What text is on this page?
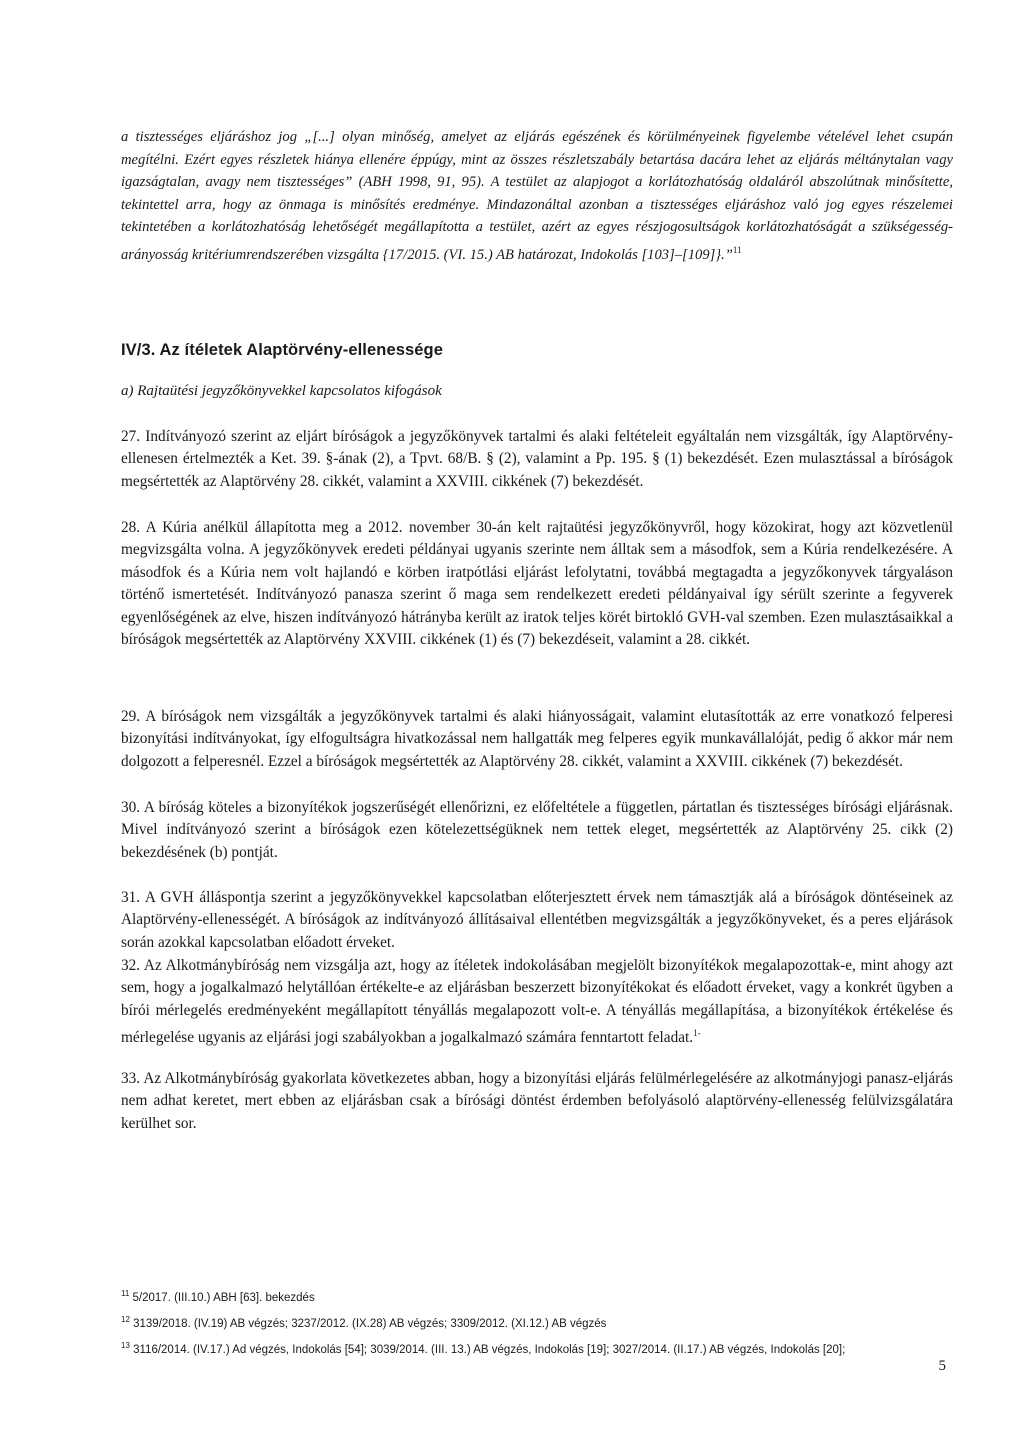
a tisztességes eljáráshoz jog „[...] olyan minőség, amelyet az eljárás egészének és körülményeinek figyelembe vételével lehet csupán megítélni. Ezért egyes részletek hiánya ellenére éppúgy, mint az összes részletszabály betartása dacára lehet az eljárás méltánytalan vagy igazságtalan, avagy nem tisztességes” (ABH 1998, 91, 95). A testület az alapjogot a korlátozhatóság oldaláról abszolútnak minősítette, tekintettel arra, hogy az önmaga is minősítés eredménye. Mindazonáltal azonban a tisztességes eljáráshoz való jog egyes részelemei tekintetében a korlátozhatóság lehetőségét megállapította a testület, azért az egyes részjogosultságok korlátozhatóságát a szükségesség-arányosság kritériumrendszerében vizsgálta {17/2015. (VI. 15.) AB határozat, Indokolás [103]–[109]}.”$^{11}$

IV/3. Az ítéletek Alaptörvény-ellenessége

a) Rajtaütési jegyzőkönyvekkel kapcsolatos kifogások

27. Indítványozó szerint az eljárt bíróságok a jegyzőkönyvek tartalmi és alaki feltételeit egyáltalán nem vizsgálták, így Alaptörvény-ellenesen értelmezték a Ket. 39. §-ának (2), a Tpvt. 68/B. § (2), valamint a Pp. 195. § (1) bekezdését. Ezen mulasztással a bíróságok megsértették az Alaptörvény 28. cikkét, valamint a XXVIII. cikkének (7) bekezdését.
28. A Kúria anélkül állapította meg a 2012. november 30-án kelt rajtaütési jegyzőkönyvről, hogy közokirat, hogy azt közvetlenül megvizsgálta volna. A jegyzőkönyvek eredeti példányai ugyanis szerinte nem álltak sem a másodfok, sem a Kúria rendelkezésére. A másodfok és a Kúria nem volt hajlandó e körben iratpótlási eljárást lefolytatni, továbbá megtagadta a jegyzőkonyvek tárgyaláson történő ismertetését. Indítványozó panasza szerint ő maga sem rendelkezett eredeti példányaival így sérült szerinte a fegyverek egyenlőségének az elve, hiszen indítványozó hátrányba került az iratok teljes körét birtokló GVH-val szemben. Ezen mulasztásaikkal a bíróságok megsértették az Alaptörvény XXVIII. cikkének (1) és (7) bekezdéseit, valamint a 28. cikkét.
29. A bíróságok nem vizsgálták a jegyzőkönyvek tartalmi és alaki hiányosságait, valamint elutasították az erre vonatkozó felperesi bizonyítási indítványokat, így elfogultságra hivatkozással nem hallgatták meg felperes egyik munkavállalóját, pedig ő akkor már nem dolgozott a felperesnél. Ezzel a bíróságok megsértették az Alaptörvény 28. cikkét, valamint a XXVIII. cikkének (7) bekezdését.
30. A bíróság köteles a bizonyítékok jogszerűségét ellenőrizni, ez előfeltétele a független, pártatlan és tisztességes bírósági eljárásnak. Mivel indítványozó szerint a bíróságok ezen kötelezettségüknek nem tettek eleget, megsértették az Alaptörvény 25. cikk (2) bekezdésének (b) pontját.
31. A GVH álláspontja szerint a jegyzőkönyvekkel kapcsolatban előterjesztett érvek nem támasztják alá a bíróságok döntéseinek az Alaptörvény-ellenességét. A bíróságok az indítványozó állításaival ellentétben megvizsgálták a jegyzőkönyveket, és a peres eljárások során azokkal kapcsolatban előadott érveket.
32. Az Alkotmánybíróság nem vizsgálja azt, hogy az ítéletek indokolásában megjelölt bizonyítékok megalapozottak-e, mint ahogy azt sem, hogy a jogalkalmazó helytállóan értékelte-e az eljárásban beszerzett bizonyítékokat és előadott érveket, vagy a konkrét ügyben a bírói mérlegelés eredményeként megállapított tényállás megalapozott volt-e. A tényállás megállapítása, a bizonyítékok értékelése és mérlegelése ugyanis az eljárási jogi szabályokban a jogalkalmazó számára fenntartott feladat.$^{1-}$
33. Az Alkotmánybíróság gyakorlata következetes abban, hogy a bizonyítási eljárás felülmérlegelésére az alkotmányjogi panasz-eljárás nem adhat keretet, mert ebben az eljárásban csak a bírósági döntést érdemben befolyásoló alaptörvény-ellenesség felülvizsgálatára kerülhet sor.
$^{11}$ 5/2017. (III.10.) ABH [63]. bekezdés
$^{12}$ 3139/2018. (IV.19) AB végzés; 3237/2012. (IX.28) AB végzés; 3309/2012. (XI.12.) AB végzés
$^{13}$ 3116/2014. (IV.17.) Ad végzés, Indokolás [54]; 3039/2014. (III. 13.) AB végzés, Indokolás [19]; 3027/2014. (II.17.) AB végzés, Indokolás [20];
5
